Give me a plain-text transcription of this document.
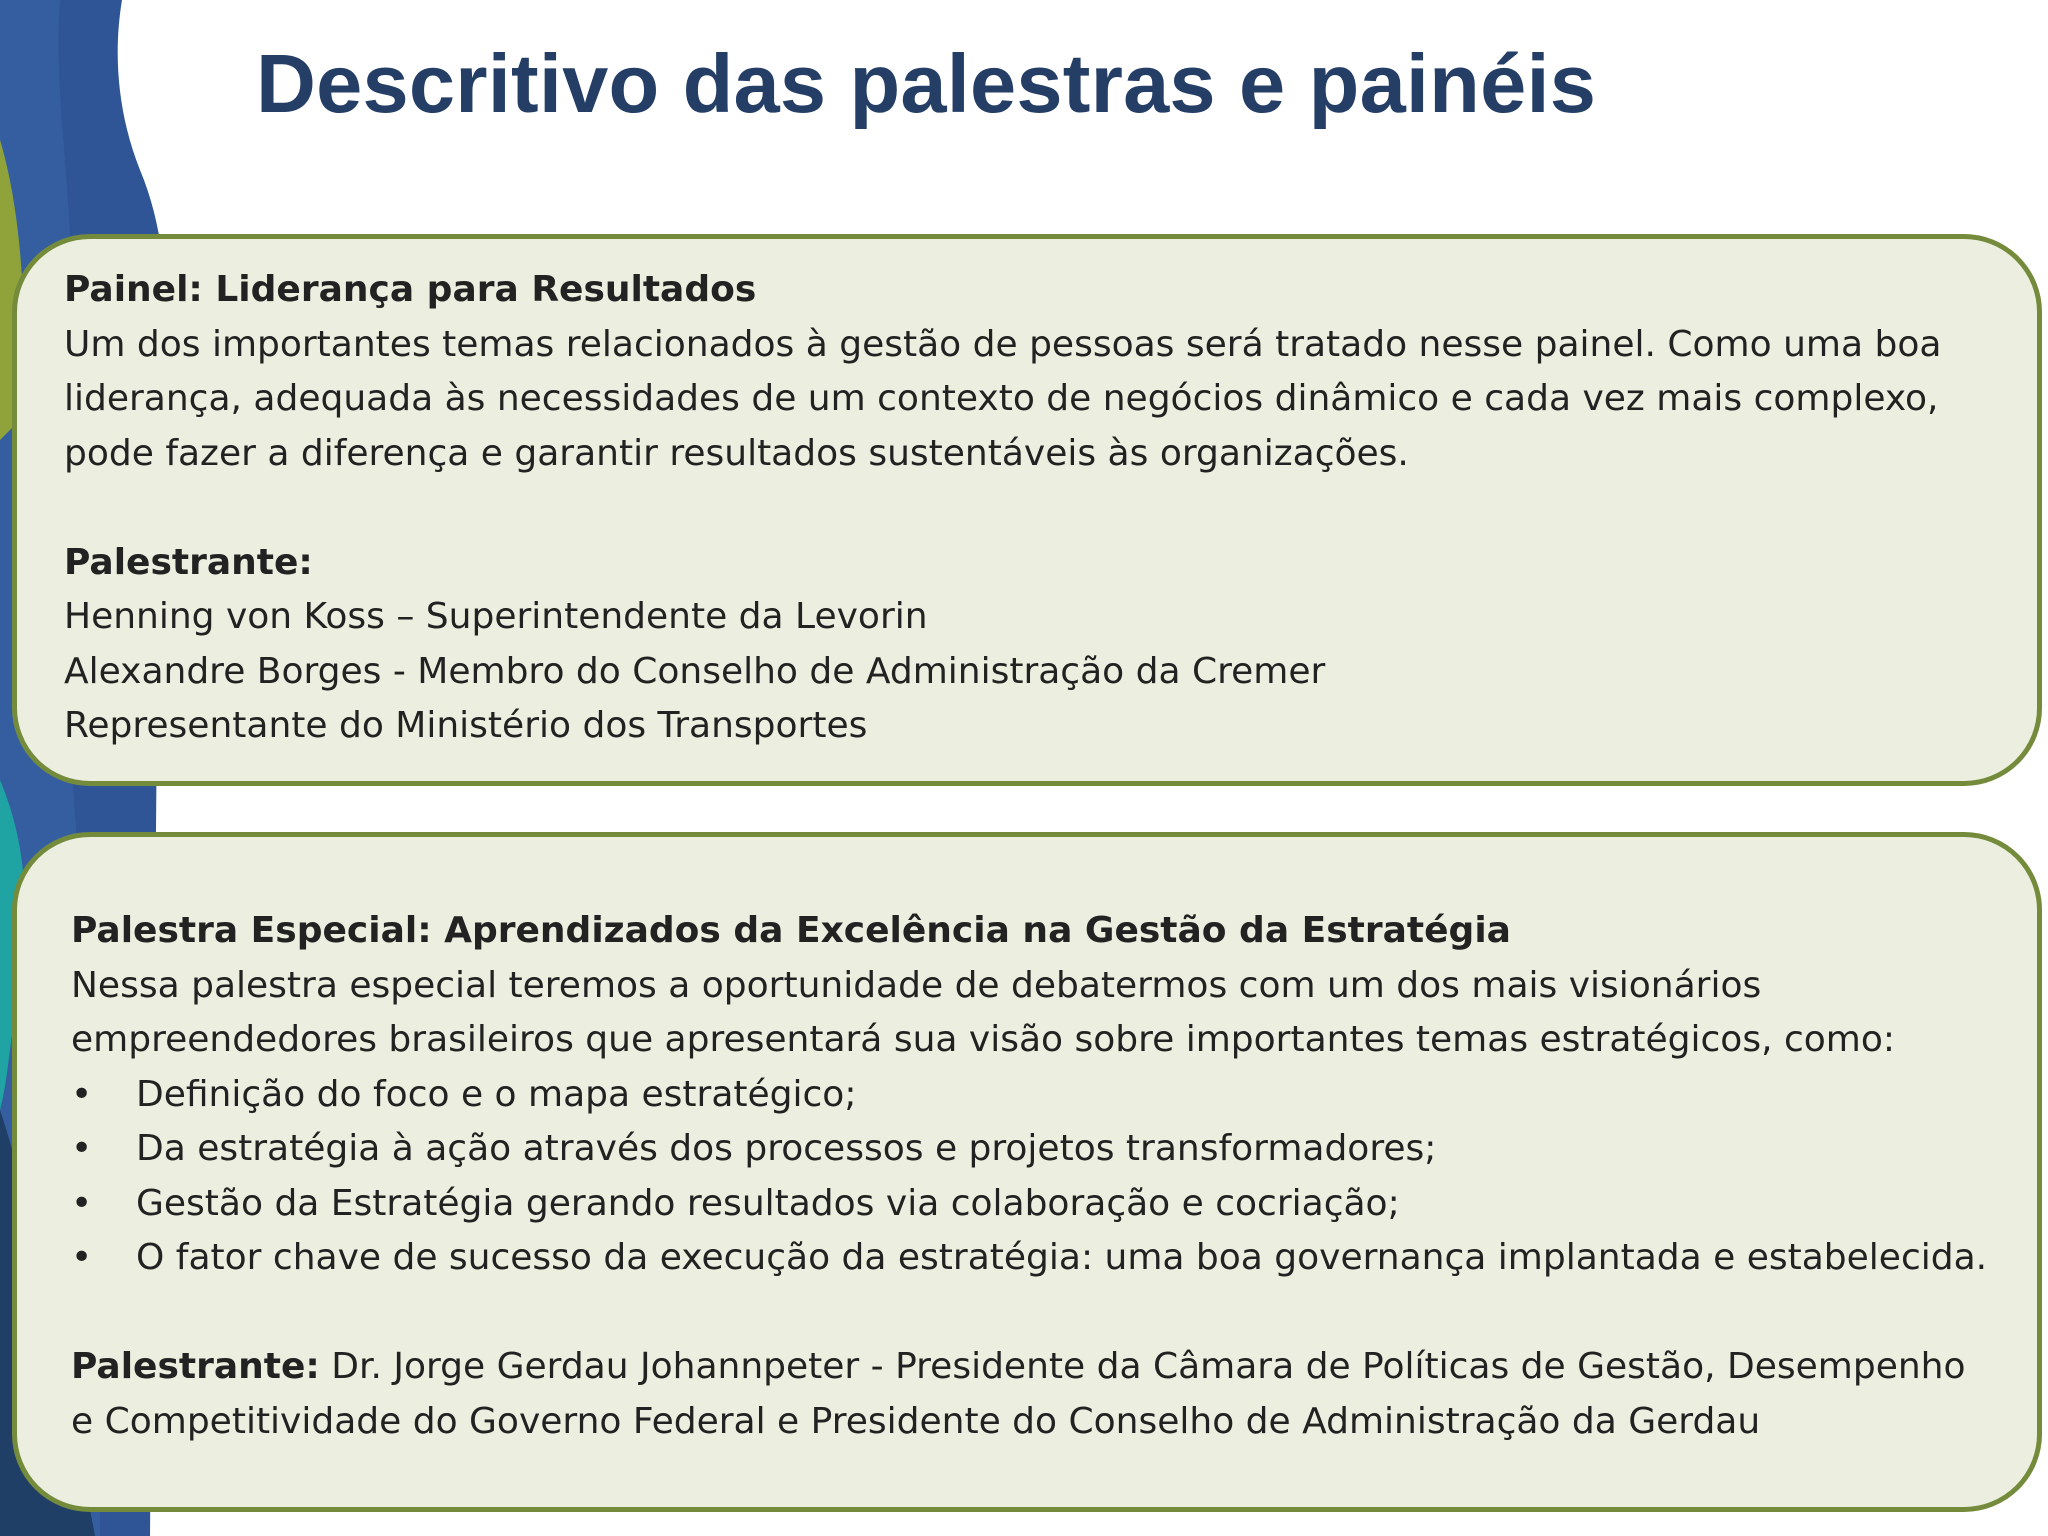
Descritivo das palestras e painéis

Painel: Liderança para Resultados

Um dos importantes temas relacionados à gestão de pessoas será tratado nesse painel. Como uma boa

liderança, adequada às necessidades de um contexto de negócios dinâmico e cada vez mais complexo,

pode fazer a diferença e garantir resultados sustentáveis às organizações.

Palestrante:

Henning von Koss – Superintendente da Levorin

Alexandre Borges - Membro do Conselho de Administração da Cremer

Representante do Ministério dos Transportes

Palestra Especial: Aprendizados da Excelência na Gestão da Estratégia

Nessa palestra especial teremos a oportunidade de debatermos com um dos mais visionários

empreendedores brasileiros que apresentará sua visão sobre importantes temas estratégicos, como:

• Definição do foco e o mapa estratégico;
• Da estratégia à ação através dos processos e projetos transformadores;
• Gestão da Estratégia gerando resultados via colaboração e cocriação;
• O fator chave de sucesso da execução da estratégia: uma boa governança implantada e estabelecida.

Palestrante: Dr. Jorge Gerdau Johannpeter - Presidente da Câmara de Políticas de Gestão, Desempenho

e Competitividade do Governo Federal e Presidente do Conselho de Administração da Gerdau
